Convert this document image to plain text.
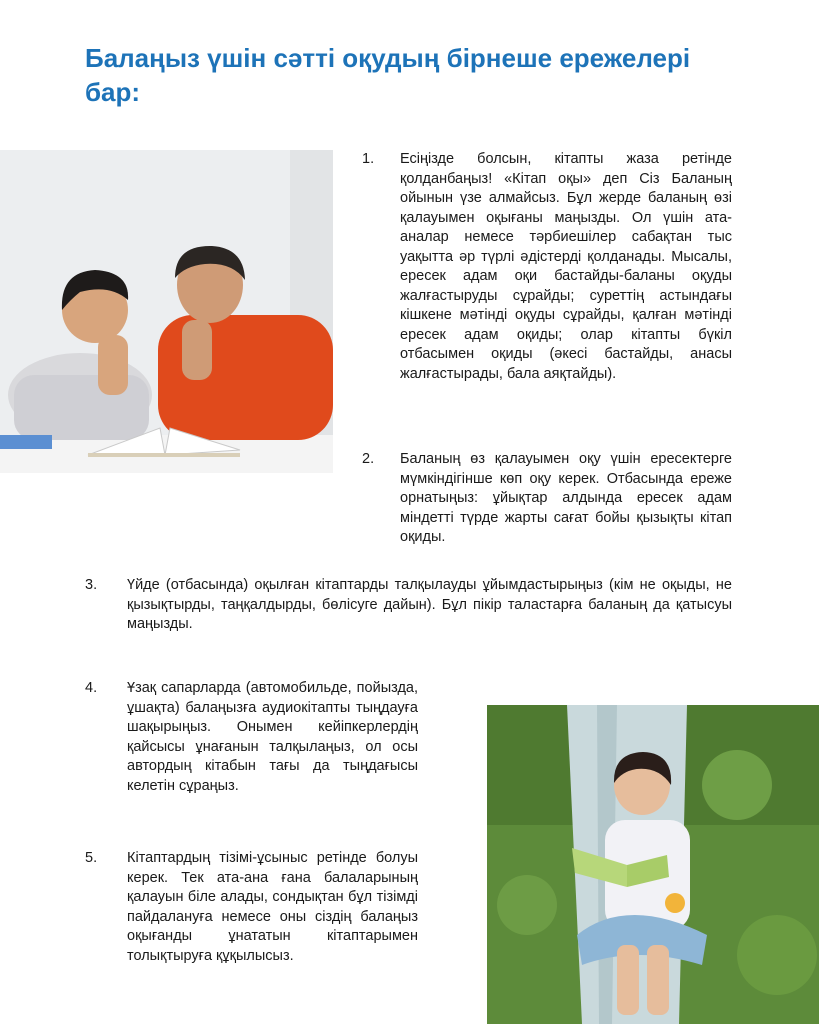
Балаңыз үшін сәтті оқудың бірнеше ережелері бар:
1.	Есіңізде болсын, кітапты жаза ретінде қолданбаңыз! «Кітап оқы» деп Сіз Баланың ойынын үзе алмайсыз. Бұл жерде баланың өзі қалауымен оқығаны маңызды. Ол үшін ата-аналар немесе тәрбиешілер сабақтан тыс уақытта әр түрлі әдістерді қолданады. Мысалы, ересек адам оқи бастайды-баланы оқуды жалғастыруды сұрайды; суреттің астындағы кішкене мәтінді оқуды сұрайды, қалған мәтінді ересек адам оқиды; олар кітапты бүкіл отбасымен оқиды (әкесі бастайды, анасы жалғастырады, бала аяқтайды).
2.	Баланың өз қалауымен оқу үшін ересектерге мүмкіндігінше көп оқу керек. Отбасында ереже орнатыңыз: ұйықтар алдында ересек адам міндетті түрде жарты сағат бойы қызықты кітап оқиды.
3.	Үйде (отбасында) оқылған кітаптарды талқылауды ұйымдастырыңыз (кім не оқыды, не қызықтырды, таңқалдырды, бөлісуге дайын). Бұл пікір таластарға баланың да қатысуы маңызды.
4.	Ұзақ сапарларда (автомобильде, пойызда, ұшақта) балаңызға аудиокітапты тыңдауға шақырыңыз. Онымен кейіпкерлердің қайсысы ұнағанын талқылаңыз, ол осы автордың кітабын тағы да тыңдағысы келетін сұраңыз.
5.	Кітаптардың тізімі-ұсыныс ретінде болуы керек. Тек ата-ана ғана балаларының қалауын біле алады, сондықтан бұл тізімді пайдалануға немесе оны сіздің балаңыз оқығанды ұнататын кітаптарымен толықтыруға құқылысыз.
